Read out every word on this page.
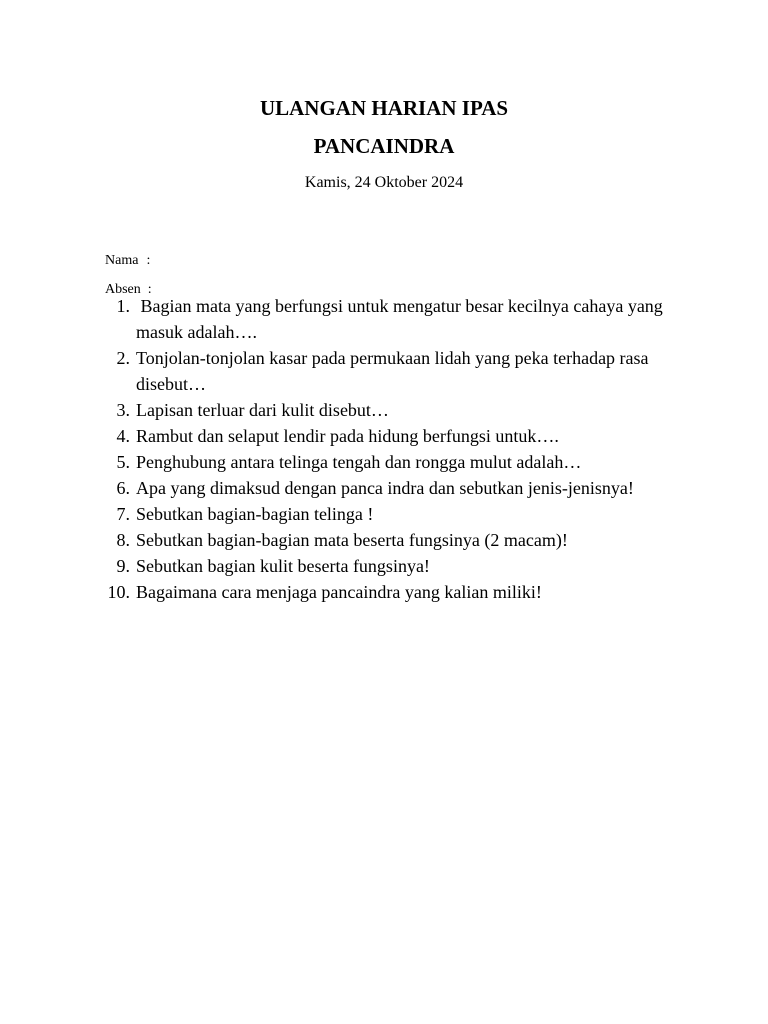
ULANGAN HARIAN IPAS
PANCAINDRA

Kamis, 24 Oktober 2024

Nama :

Absen :

1. Bagian mata yang berfungsi untuk mengatur besar kecilnya cahaya yang masuk adalah….
2. Tonjolan-tonjolan kasar pada permukaan lidah yang peka terhadap rasa disebut…
3. Lapisan terluar dari kulit disebut…
4. Rambut dan selaput lendir pada hidung berfungsi untuk….
5. Penghubung antara telinga tengah dan rongga mulut adalah…
6. Apa yang dimaksud dengan panca indra dan sebutkan jenis-jenisnya!
7. Sebutkan bagian-bagian telinga !
8. Sebutkan bagian-bagian mata beserta fungsinya (2 macam)!
9. Sebutkan bagian kulit beserta fungsinya!
10. Bagaimana cara menjaga pancaindra yang kalian miliki!
